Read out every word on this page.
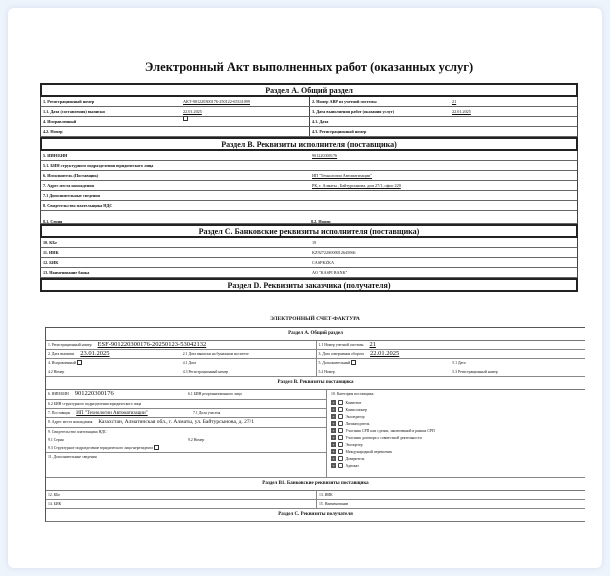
Электронный Акт выполненных работ (оказанных услуг)
Раздел А. Общий раздел
1. Регистрационный номер	АКТ-901220300176-250122-65331099	2. Номер АВР из учетной системы	21
1.1. Дата (составления) выписки	22.01.2025	3. Дата выполнения работ (оказания услуг)	22.01.2025
4. Исправленный	4.1. Дата
4.2. Номер	4.3. Регистрационный номер
Раздел B. Реквизиты исполнителя (поставщика)
5. ИИН/БИН	901220300176
5.1. БИН структурного подразделения юридического лица
6. Исполнитель (Поставщик)	ИП "Технологии Автоматизации"
7. Адрес места нахождения	РК, г. Алматы , Байтурсынова, дом 27/1, офис 220
7.1 Дополнительные сведения
8. Свидетельство плательщика НДС
8.1. Серия	8.2. Номер
Раздел C. Банковские реквизиты исполнителя (поставщика)
10. КБе	19
11. ИИК	KZ92722S000012645066
12. БИК	CASPKZKA
13. Наименование банка	АО "KASPI BANK"
Раздел D. Реквизиты заказчика (получателя)
ЭЛЕКТРОННЫЙ СЧЕТ-ФАКТУРА
Раздел А. Общий раздел
1. Регистрационный номер ESF-901220300176-20250123-53042132	1.1 Номер учетной системы 21
2. Дата выписки 23.01.2025	2.1 Дата выписки на бумажном носителе	3. Дата совершения оборота 22.01.2025
4. Исправленный	4.1 Дата	5. Дополнительный	5.1 Дата
4.2 Номер	4.3 Регистрационный номер	5.2 Номер	5.3 Регистрационный номер
Раздел B. Реквизиты поставщика
6. ИИН/БИН 901220300176	6.1 БИН реорганизованного лица
6.2 БИН структурного подразделения юридического лица
7. Поставщик ИП "Технологии Автоматизации"	7.1 Доля участия
8. Адрес места нахождения Казахстан, Алматинская обл., г. Алматы, ул. Байтурсынова, д. 27/1
9. Свидетельство плательщика НДС
9.1 Серия	9.2 Номер
9.3 Структурное подразделение юридического лица-нерезидента
11. Дополнительные сведения
10. Категория поставщика
+	Комитент
+	Комиссионер
+	Экспедитор
+	Лизингодатель
+	Участник СРП или сделки, заключенной в рамках СРП
+	Участник договора о совместной деятельности
+	Экспортер
+	Международный перевозчик
+	Доверитель
+	Адвокат
Раздел B1. Банковские реквизиты поставщика
12. КБе	13. ИИК
14. БИК	15. Наименование
Раздел C. Реквизиты получателя
